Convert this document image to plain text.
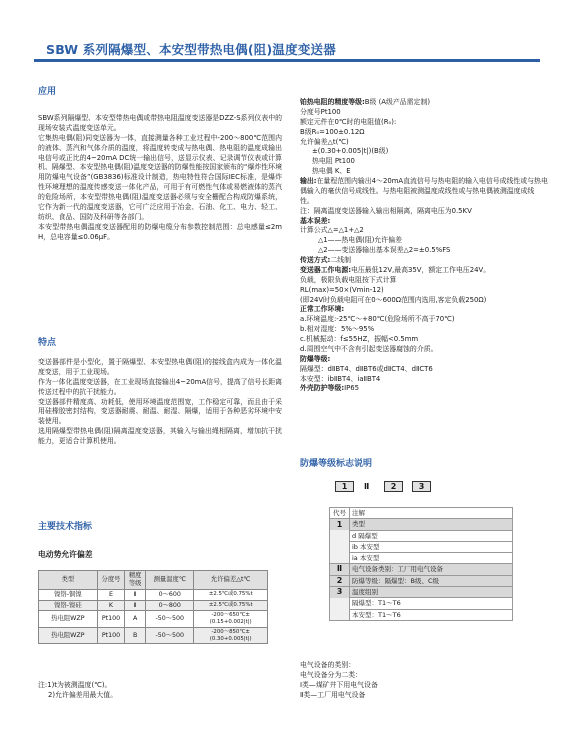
SBW 系列隔爆型、本安型带热电偶(阻)温度变送器
应用

SBW系列隔爆型、本安型带热电偶或带热电阻温度变送器是DZZ-S系列仪表中的现场安装式温度变送单元。

它集热电偶(阻)同变送器为一体，直接测量各种工业过程中-200～800℃范围内的液体、蒸汽和气体介质的温度，将温度转变成与热电偶、热电阻的温度成输出电信号或正比的4~20mA DC统一输出信号，送显示仪表、记录调节仪表或计算机、隔爆型、本安型热电偶(阻)温度变送器的防爆性能按国家颁布的“爆炸性环境用防爆电气设备”(GB3836)标准设计制造，热电特性符合国际IEC标准，是爆炸性环境理想的温度传感变送一体化产品，可用于有可燃性气体或易燃液体的蒸汽的危险场所，本安型带热电偶(阻)温度变送器必须与安全栅配合构成防爆系统，它作为新一代的温度变送器，它可广泛应用于冶金、石油、化工、电力、轻工、纺织、食品、国防及科研等各部门。

本安型带热电偶温度变送器配用的防爆电缆分布参数控制范围：总电感量≤2mH，总电容量≤0.06μF。

特点

变送器部件是小型化，置于隔爆型、本安型热电偶(阻)的接线盒内成为一体化温度变送，用于工业现场。

作为一体化温度变送器，在工业现场直接输出4~20mA信号，提高了信号长距离传送过程中的抗干扰能力。

变送器部件精度高、功耗低，使用环境温度范围宽，工作稳定可靠，而且由于采用硅橡胶密封结构，变送器耐震、耐温、耐湿、隔爆，适用于各种恶劣环境中安装使用。

选用隔爆型带热电偶(阻)隔离温度变送器，其输入与输出绳相隔离，增加抗干扰能力，更适合计算机使用。

主要技术指标
电动势允许偏差
类型	分度号	精度等级	测量温度℃	允许偏差△t℃
镍铬-铜镍	E	Ⅱ	0～600	±2.5℃或0.75%t
镍铬-镍硅	K	Ⅱ	0～800	±2.5℃或0.75%t
热电阻WZP	Pt100	A	-50～500	-200～650℃±(0.15+0.002|t|)
热电阻WZP	Pt100	B	-50～500	-200～850℃±(0.30+0.005|t|)

注:1)t为被测温度(℃)。

2)允许偏差用最大值。

铂热电阻的精度等级:B级 (A级产品需定制)

分度号Pt100

额定元件在0℃时的电阻值(R₀):

B级R₀=100±0.12Ω

允许偏差△t(℃)

±(0.30+0.005|t|)(B级)

热电阻 Pt100

热电偶 K、E

输出:在量程范围内输出4～20mA直流信号与热电阻的输入电信号成线性或与热电偶输入的毫伏信号成线性。与热电阻被测温度成线性或与热电偶被测温度成线性。

注：隔离温度变送器输入输出相隔离，隔离电压为0.5KV

基本误差:

计算公式△=△1+△2

△1——热电偶(阻)允许偏差

△2——变送器输出基本误差△2=±0.5%FS

传送方式:二线制

变送器工作电源:电压最低12V,最高35V，额定工作电压24V。

负载，极限负载电阻按下式计算

RL(max)=50×(Vmin-12)

(即24V时负载电阻可在0～600Ω范围内选用,客定负载250Ω)

正常工作环境:

a.环境温度:-25℃～+80℃(危险场所不高于70℃)

b.相对湿度：5%～95%

c.机械振动：f≤55HZ，振幅<0.5mm

d.周围空气中不含有引起变送器腐蚀的介质。

防爆等级:

隔爆型：dⅡBT4、dⅡBT6或dⅡCT4、dⅡCT6

本安型：ibⅡBT4、iaⅡBT4

外壳防护等级:IP65

防爆等级标志说明
1	Ⅱ	2	3
代号	注解
1	类型
	d 隔爆型
	ib 本安型
	ia 本安型
Ⅱ	电气设备类别：工厂用电气设备
2	防爆等级：隔爆型：B级、C级
3	温度组别
	隔爆型：T1～T6
	本安型：T1～T6

电气设备的类别：

电气设备分为二类：

Ⅰ类—煤矿井下用电气设备

Ⅱ类—工厂用电气设备
